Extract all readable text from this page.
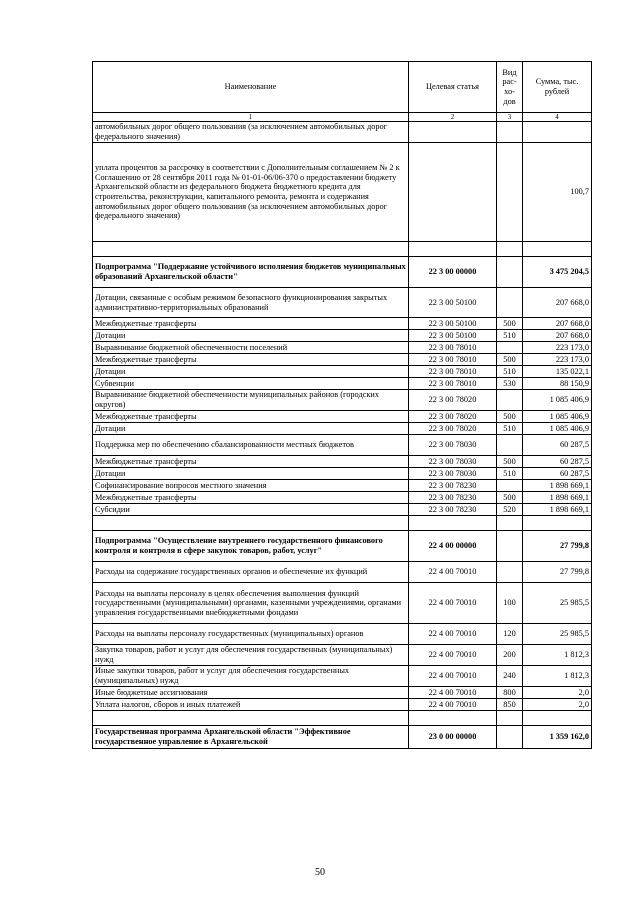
Наименование	Целевая статья	Вид рас-хо-дов	Сумма, тыс. рублей
1	2	3	4
автомобильных дорог общего пользования (за исключением автомобильных дорог федерального значения)			
уплата процентов за рассрочку в соответствии с Дополнительным соглашением № 2 к Соглашению от 28 сентября 2011 года № 01-01-06/06-370 о предоставлении бюджету Архангельской области из федерального бюджета бюджетного кредита для строительства, реконструкции, капитального ремонта, ремонта и содержания автомобильных дорог общего пользования (за исключением автомобильных дорог федерального значения)			100,7

Подпрограмма "Поддержание устойчивого исполнения бюджетов муниципальных образований Архангельской области"	22 3 00 00000		3 475 204,5
Дотации, связанные с особым режимом безопасного функционирования закрытых административно-территориальных образований	22 3 00 50100		207 668,0
Межбюджетные трансферты	22 3 00 50100	500	207 668,0
Дотации	22 3 00 50100	510	207 668,0
Выравнивание бюджетной обеспеченности поселений	22 3 00 78010		223 173,0
Межбюджетные трансферты	22 3 00 78010	500	223 173,0
Дотации	22 3 00 78010	510	135 022,1
Субвенции	22 3 00 78010	530	88 150,9
Выравнивание бюджетной обеспеченности муниципальных районов (городских округов)	22 3 00 78020		1 085 406,9
Межбюджетные трансферты	22 3 00 78020	500	1 085 406,9
Дотации	22 3 00 78020	510	1 085 406,9
Поддержка мер по обеспечению сбалансированности местных бюджетов	22 3 00 78030		60 287,5
Межбюджетные трансферты	22 3 00 78030	500	60 287,5
Дотации	22 3 00 78030	510	60 287,5
Софинансирование вопросов местного значения	22 3 00 78230		1 898 669,1
Межбюджетные трансферты	22 3 00 78230	500	1 898 669,1
Субсидии	22 3 00 78230	520	1 898 669,1

Подпрограмма "Осуществление внутреннего государственного финансового контроля и контроля в сфере закупок товаров, работ, услуг"	22 4 00 00000		27 799,8
Расходы на содержание государственных органов и обеспечение их функций	22 4 00 70010		27 799,8
Расходы на выплаты персоналу в целях обеспечения выполнения функций государственными (муниципальными) органами, казенными учреждениями, органами управления государственными внебюджетными фондами	22 4 00 70010	100	25 985,5
Расходы на выплаты персоналу государственных (муниципальных) органов	22 4 00 70010	120	25 985,5
Закупка товаров, работ и услуг для обеспечения государственных (муниципальных) нужд	22 4 00 70010	200	1 812,3
Иные закупки товаров, работ и услуг для обеспечения государственных (муниципальных) нужд	22 4 00 70010	240	1 812,3
Иные бюджетные ассигнования	22 4 00 70010	800	2,0
Уплата налогов, сборов и иных платежей	22 4 00 70010	850	2,0

Государственная программа Архангельской области "Эффективное государственное управление в Архангельской	23 0 00 00000		1 359 162,0
50
